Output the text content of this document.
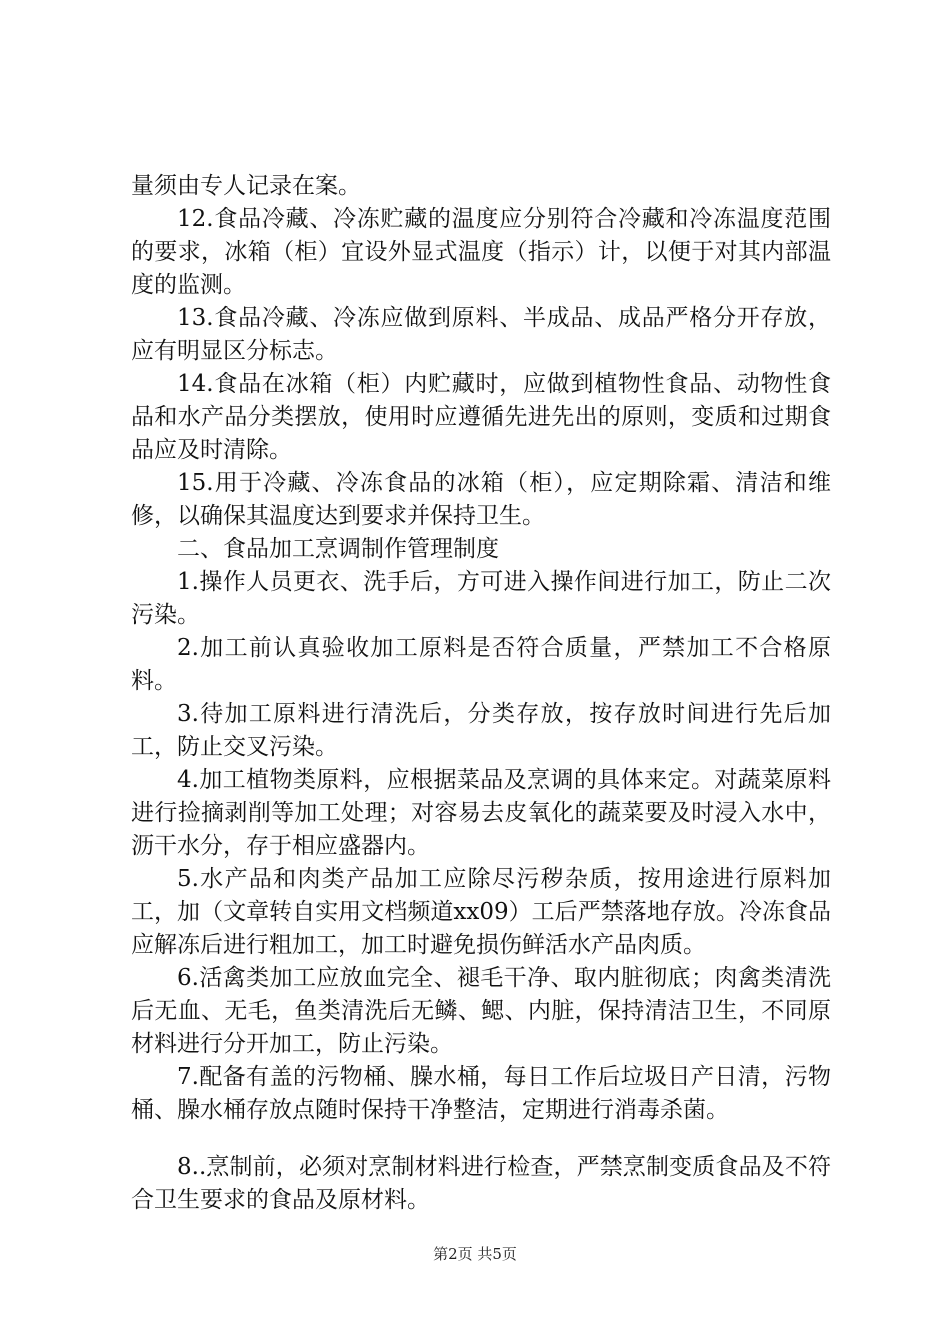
量须由专人记录在案。

12.食品冷藏、冷冻贮藏的温度应分别符合冷藏和冷冻温度范围的要求，冰箱（柜）宜设外显式温度（指示）计，以便于对其内部温度的监测。

13.食品冷藏、冷冻应做到原料、半成品、成品严格分开存放，应有明显区分标志。

14.食品在冰箱（柜）内贮藏时，应做到植物性食品、动物性食品和水产品分类摆放，使用时应遵循先进先出的原则，变质和过期食品应及时清除。

15.用于冷藏、冷冻食品的冰箱（柜），应定期除霜、清洁和维修，以确保其温度达到要求并保持卫生。

二、食品加工烹调制作管理制度

1.操作人员更衣、洗手后，方可进入操作间进行加工，防止二次污染。

2.加工前认真验收加工原料是否符合质量，严禁加工不合格原料。

3.待加工原料进行清洗后，分类存放，按存放时间进行先后加工，防止交叉污染。

4.加工植物类原料，应根据菜品及烹调的具体来定。对蔬菜原料进行捡摘剥削等加工处理；对容易去皮氧化的蔬菜要及时浸入水中，沥干水分，存于相应盛器内。

5.水产品和肉类产品加工应除尽污秽杂质，按用途进行原料加工，加（文章转自实用文档频道xx09）工后严禁落地存放。冷冻食品应解冻后进行粗加工，加工时避免损伤鲜活水产品肉质。

6.活禽类加工应放血完全、褪毛干净、取内脏彻底；肉禽类清洗后无血、无毛，鱼类清洗后无鳞、鳃、内脏，保持清洁卫生，不同原材料进行分开加工，防止污染。

7.配备有盖的污物桶、臊水桶，每日工作后垃圾日产日清，污物桶、臊水桶存放点随时保持干净整洁，定期进行消毒杀菌。

8..烹制前，必须对烹制材料进行检查，严禁烹制变质食品及不符合卫生要求的食品及原材料。

第2页 共5页
